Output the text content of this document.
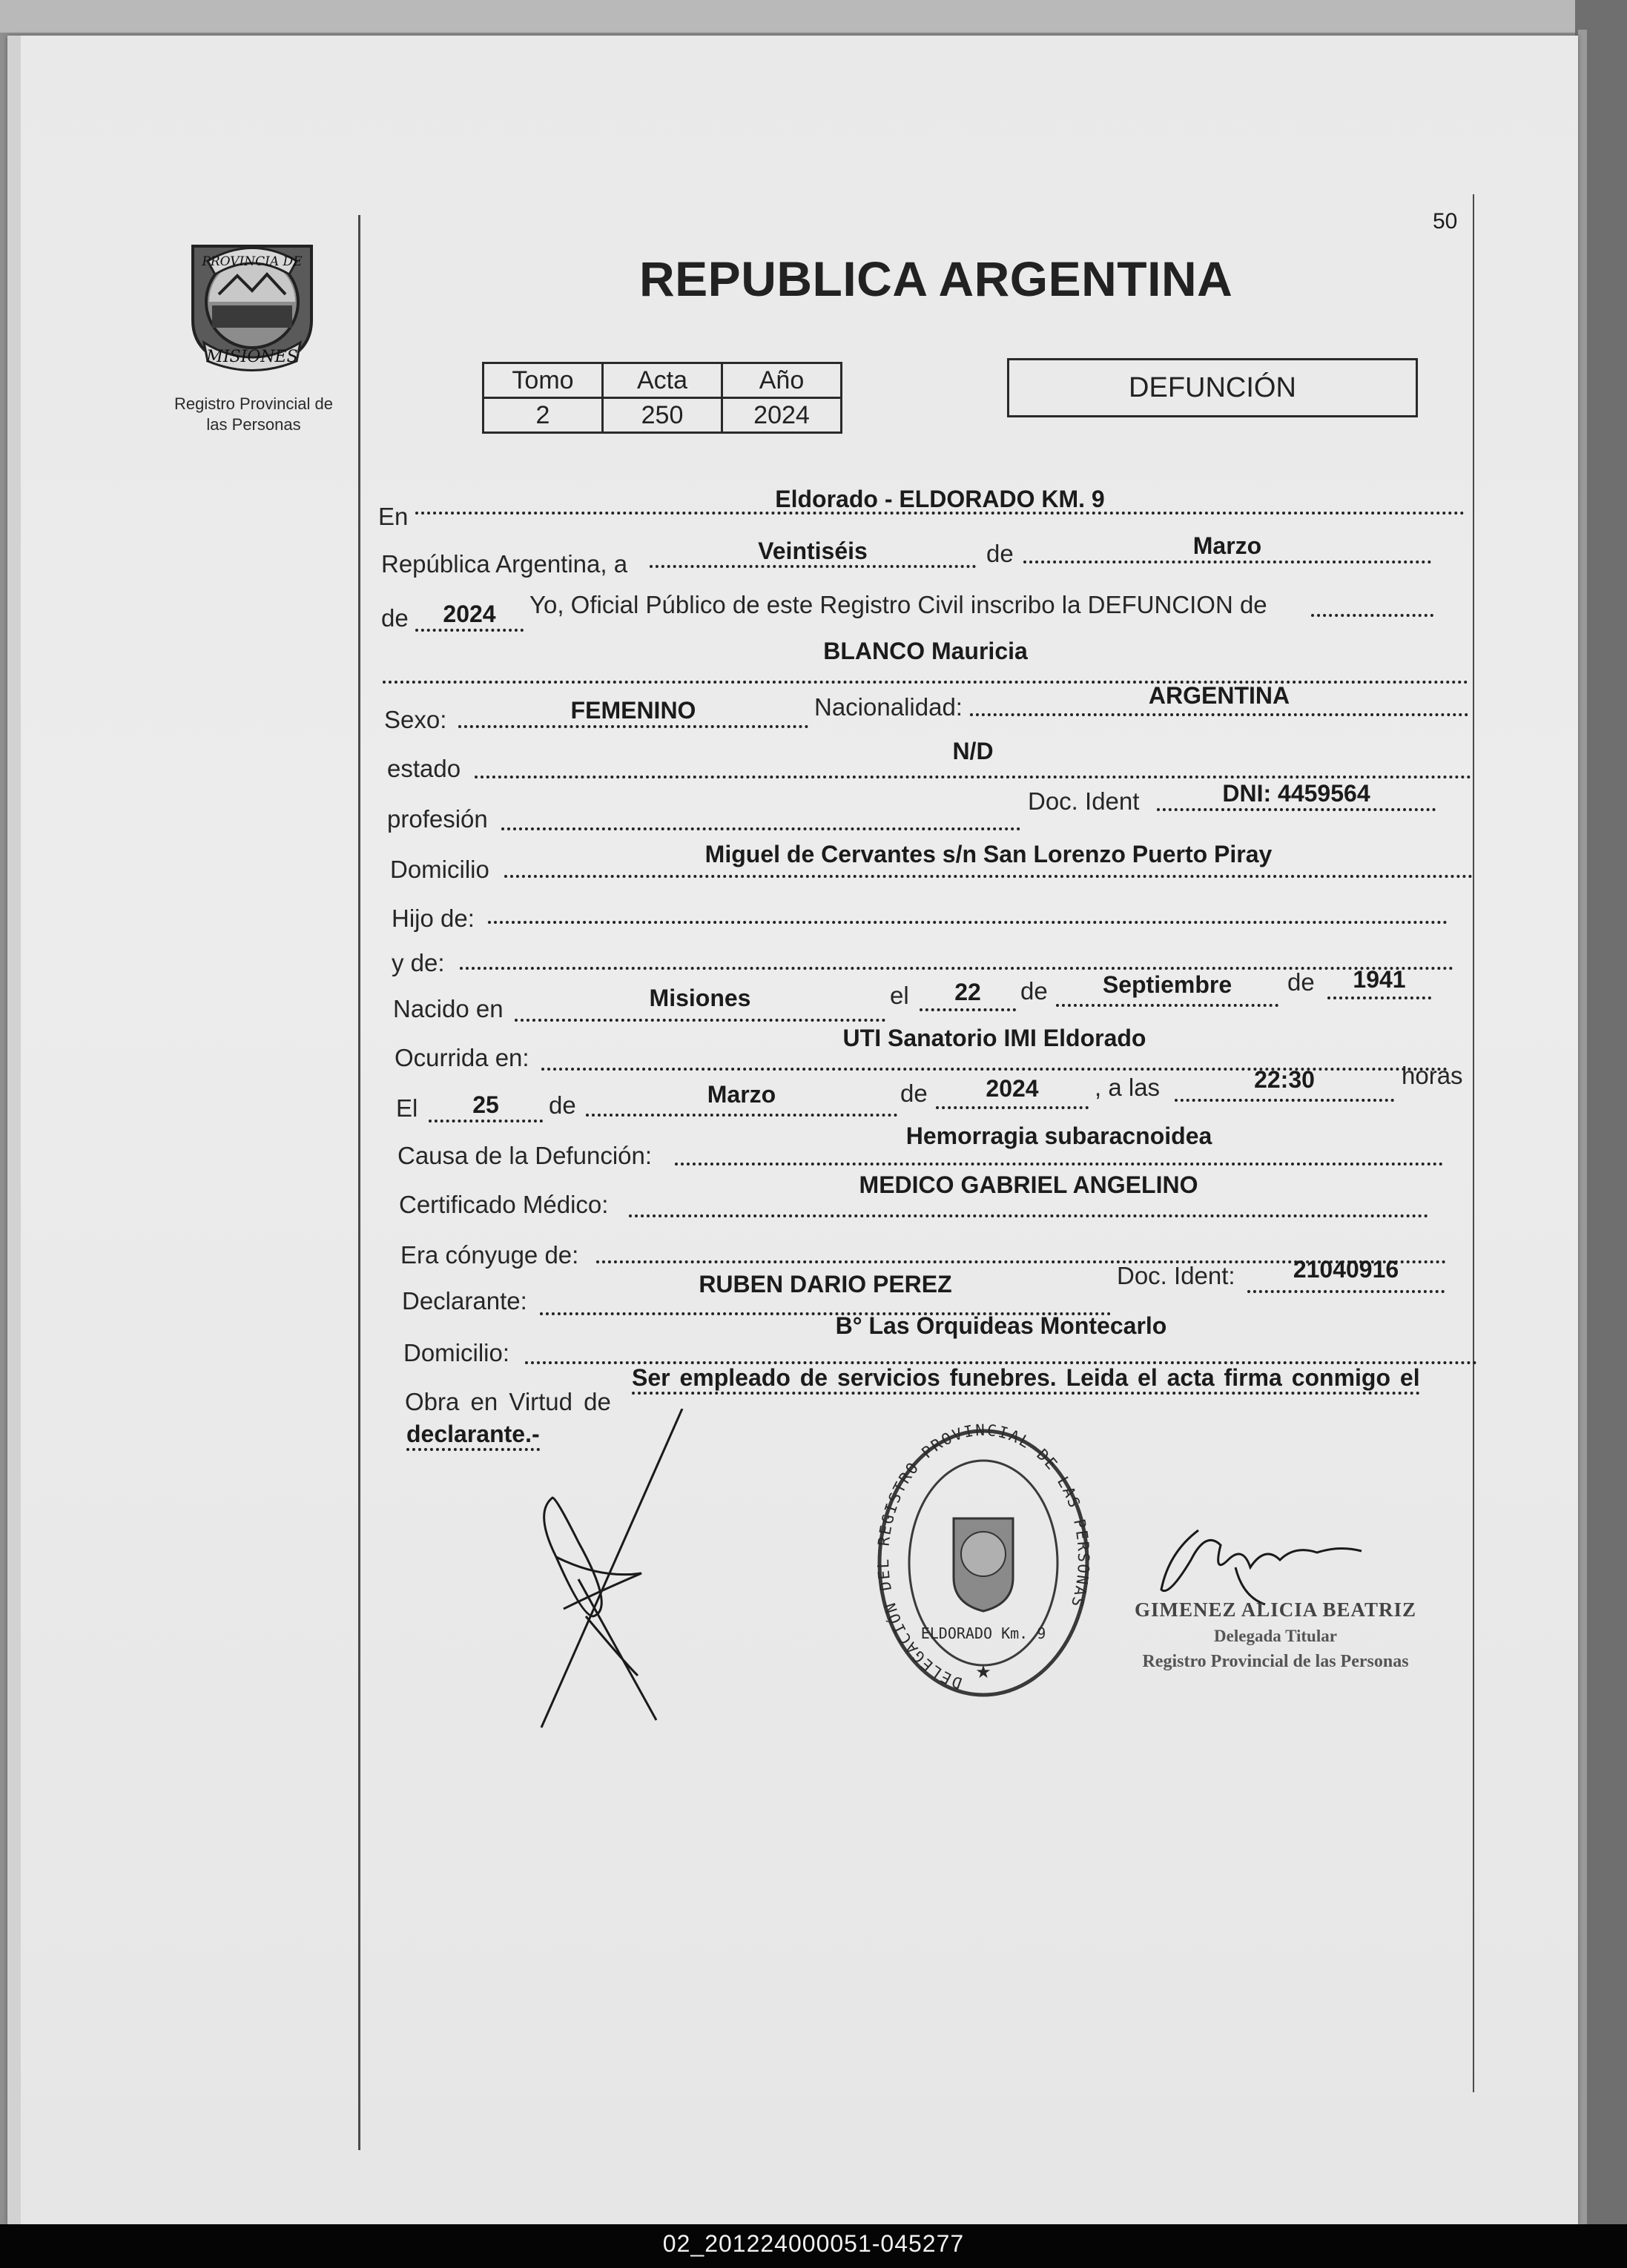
50
PROVINCIA DE
MISIONES
Registro Provincial de
las Personas
REPUBLICA ARGENTINA
Tomo	Acta	Año
2	250	2024
DEFUNCIÓN
En
Eldorado - ELDORADO KM. 9
República Argentina, a	Veintiséis	de	Marzo
de	2024	Yo, Oficial Público de este Registro Civil inscribo la DEFUNCION de
BLANCO Mauricia
Sexo:	FEMENINO	Nacionalidad:	ARGENTINA
estado
N/D
profesión
Doc. Ident	DNI: 4459564
Domicilio
Miguel de Cervantes s/n San Lorenzo Puerto Piray
Hijo de:
y de:
Nacido en	Misiones	el	22	de	Septiembre	de	1941
Ocurrida en:
UTI Sanatorio IMI Eldorado
El	25	de	Marzo	de	2024	, a las	22:30	horas
Causa de la Defunción:
Hemorragia subaracnoidea
Certificado Médico:
MEDICO GABRIEL ANGELINO
Era cónyuge de:
Declarante:
RUBEN DARIO PEREZ	Doc. Ident:	21040916
Domicilio:
B° Las Orquideas Montecarlo
Obra en Virtud de
Ser empleado de servicios funebres. Leida el acta firma conmigo el
declarante.-
DELEGACIÓN DEL REGISTRO PROVINCIAL DE LAS PERSONAS
ELDORADO Km. 9
★
GIMENEZ ALICIA BEATRIZ
Delegada Titular
Registro Provincial de las Personas
02_201224000051-045277
